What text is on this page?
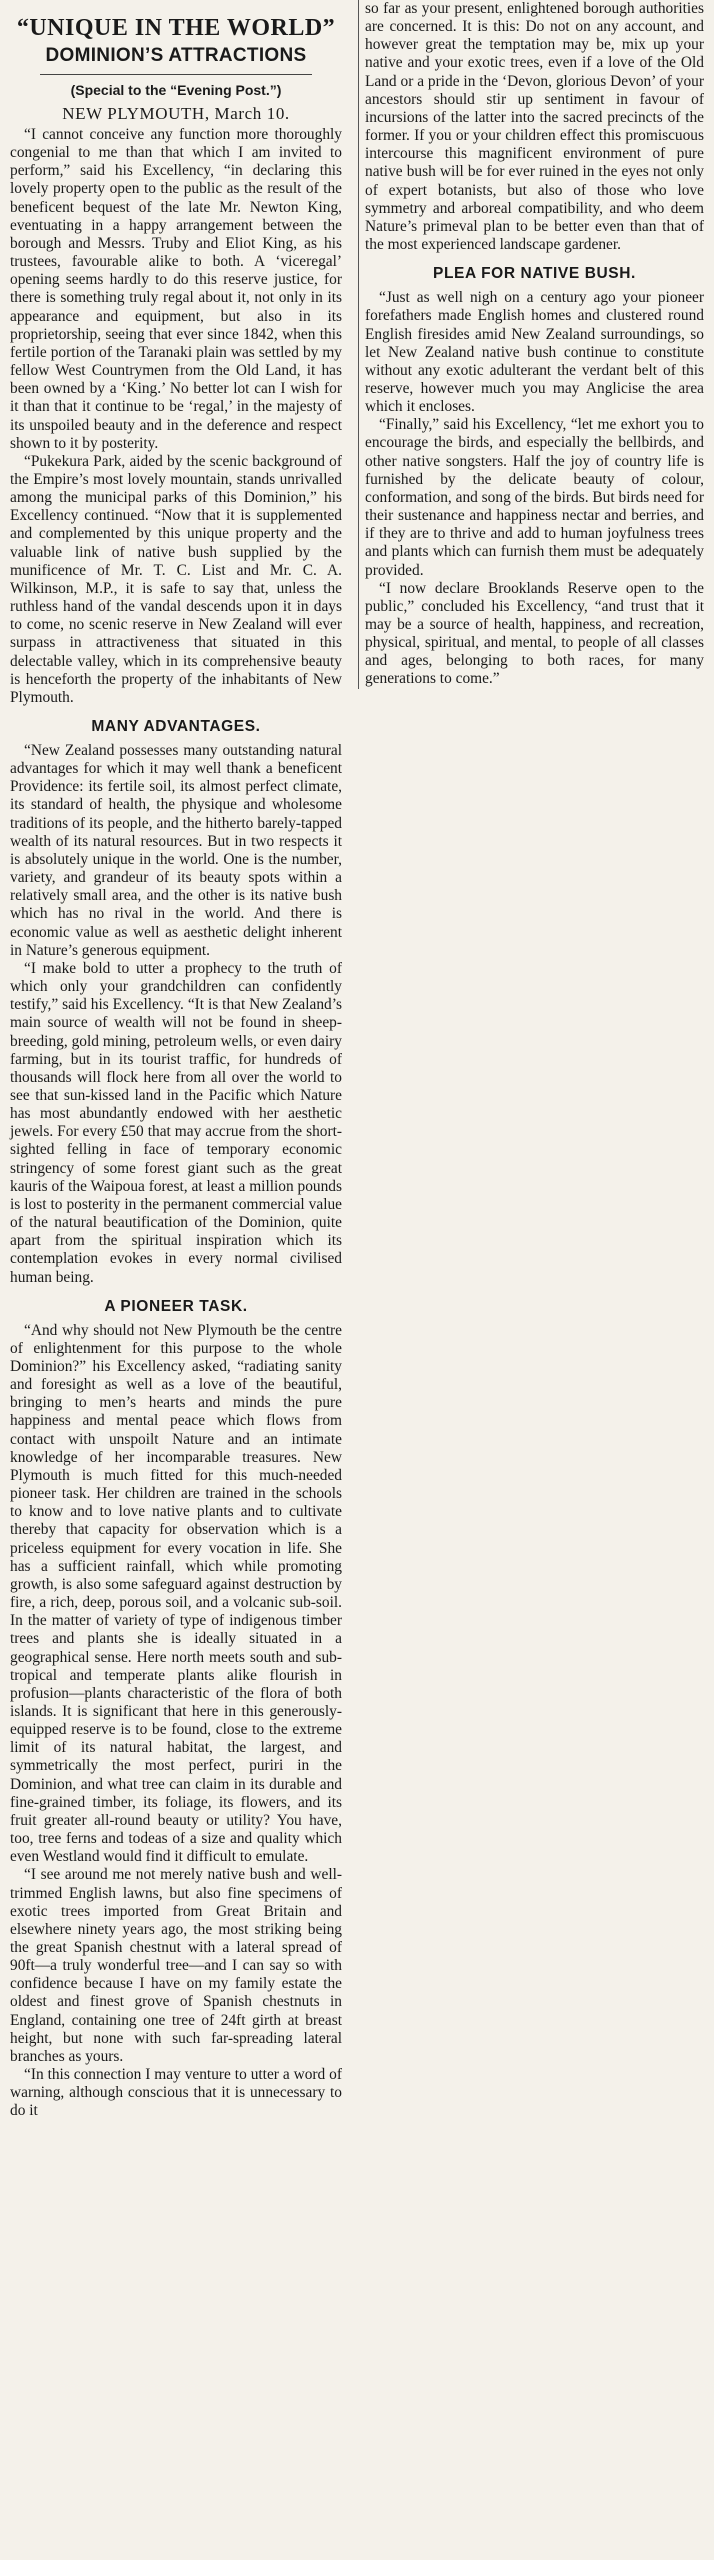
“UNIQUE IN THE WORLD”
DOMINION’S ATTRACTIONS
(Special to the “Evening Post.”)
NEW PLYMOUTH, March 10.

“I cannot conceive any function more thoroughly congenial to me than that which I am invited to perform,” said his Excellency, “in declaring this lovely property open to the public as the result of the beneficent bequest of the late Mr. Newton King, eventuating in a happy arrangement between the borough and Messrs. Truby and Eliot King, as his trustees, favourable alike to both. A ‘viceregal’ opening seems hardly to do this reserve justice, for there is something truly regal about it, not only in its appearance and equipment, but also in its proprietorship, seeing that ever since 1842, when this fertile portion of the Taranaki plain was settled by my fellow West Countrymen from the Old Land, it has been owned by a ‘King.’ No better lot can I wish for it than that it continue to be ‘regal,’ in the majesty of its unspoiled beauty and in the deference and respect shown to it by posterity.

“Pukekura Park, aided by the scenic background of the Empire’s most lovely mountain, stands unrivalled among the municipal parks of this Dominion,” his Excellency continued. “Now that it is supplemented and complemented by this unique property and the valuable link of native bush supplied by the munificence of Mr. T. C. List and Mr. C. A. Wilkinson, M.P., it is safe to say that, unless the ruthless hand of the vandal descends upon it in days to come, no scenic reserve in New Zealand will ever surpass in attractiveness that situated in this delectable valley, which in its comprehensive beauty is henceforth the property of the inhabitants of New Plymouth.

MANY ADVANTAGES.

“New Zealand possesses many outstanding natural advantages for which it may well thank a beneficent Providence: its fertile soil, its almost perfect climate, its standard of health, the physique and wholesome traditions of its people, and the hitherto barely-tapped wealth of its natural resources. But in two respects it is absolutely unique in the world. One is the number, variety, and grandeur of its beauty spots within a relatively small area, and the other is its native bush which has no rival in the world. And there is economic value as well as aesthetic delight inherent in Nature’s generous equipment.

“I make bold to utter a prophecy to the truth of which only your grandchildren can confidently testify,” said his Excellency. “It is that New Zealand’s main source of wealth will not be found in sheep-breeding, gold mining, petroleum wells, or even dairy farming, but in its tourist traffic, for hundreds of thousands will flock here from all over the world to see that sun-kissed land in the Pacific which Nature has most abundantly endowed with her aesthetic jewels. For every £50 that may accrue from the short-sighted felling in face of temporary economic stringency of some forest giant such as the great kauris of the Waipoua forest, at least a million pounds is lost to posterity in the permanent commercial value of the natural beautification of the Dominion, quite apart from the spiritual inspiration which its contemplation evokes in every normal civilised human being.

A PIONEER TASK.

“And why should not New Plymouth be the centre of enlightenment for this purpose to the whole Dominion?” his Excellency asked, “radiating sanity and foresight as well as a love of the beautiful, bringing to men’s hearts and minds the pure happiness and mental peace which flows from contact with unspoilt Nature and an intimate knowledge of her incomparable treasures. New Plymouth is much fitted for this much-needed pioneer task. Her children are trained in the schools to know and to love native plants and to cultivate thereby that capacity for observation which is a priceless equipment for every vocation in life. She has a sufficient rainfall, which while promoting growth, is also some safeguard against destruction by fire, a rich, deep, porous soil, and a volcanic sub-soil. In the matter of variety of type of indigenous timber trees and plants she is ideally situated in a geographical sense. Here north meets south and sub-tropical and temperate plants alike flourish in profusion—plants characteristic of the flora of both islands. It is significant that here in this generously-equipped reserve is to be found, close to the extreme limit of its natural habitat, the largest, and symmetrically the most perfect, puriri in the Dominion, and what tree can claim in its durable and fine-grained timber, its foliage, its flowers, and its fruit greater all-round beauty or utility? You have, too, tree ferns and todeas of a size and quality which even Westland would find it difficult to emulate.

“I see around me not merely native bush and well-trimmed English lawns, but also fine specimens of exotic trees imported from Great Britain and elsewhere ninety years ago, the most striking being the great Spanish chestnut with a lateral spread of 90ft—a truly wonderful tree—and I can say so with confidence because I have on my family estate the oldest and finest grove of Spanish chestnuts in England, containing one tree of 24ft girth at breast height, but none with such far-spreading lateral branches as yours.

“In this connection I may venture to utter a word of warning, although conscious that it is unnecessary to do it

so far as your present, enlightened borough authorities are concerned. It is this: Do not on any account, and however great the temptation may be, mix up your native and your exotic trees, even if a love of the Old Land or a pride in the ‘Devon, glorious Devon’ of your ancestors should stir up sentiment in favour of incursions of the latter into the sacred precincts of the former. If you or your children effect this promiscuous intercourse this magnificent environment of pure native bush will be for ever ruined in the eyes not only of expert botanists, but also of those who love symmetry and arboreal compatibility, and who deem Nature’s primeval plan to be better even than that of the most experienced landscape gardener.

PLEA FOR NATIVE BUSH.

“Just as well nigh on a century ago your pioneer forefathers made English homes and clustered round English firesides amid New Zealand surroundings, so let New Zealand native bush continue to constitute without any exotic adulterant the verdant belt of this reserve, however much you may Anglicise the area which it encloses.

“Finally,” said his Excellency, “let me exhort you to encourage the birds, and especially the bellbirds, and other native songsters. Half the joy of country life is furnished by the delicate beauty of colour, conformation, and song of the birds. But birds need for their sustenance and happiness nectar and berries, and if they are to thrive and add to human joyfulness trees and plants which can furnish them must be adequately provided.

“I now declare Brooklands Reserve open to the public,” concluded his Excellency, “and trust that it may be a source of health, happiness, and recreation, physical, spiritual, and mental, to people of all classes and ages, belonging to both races, for many generations to come.”
